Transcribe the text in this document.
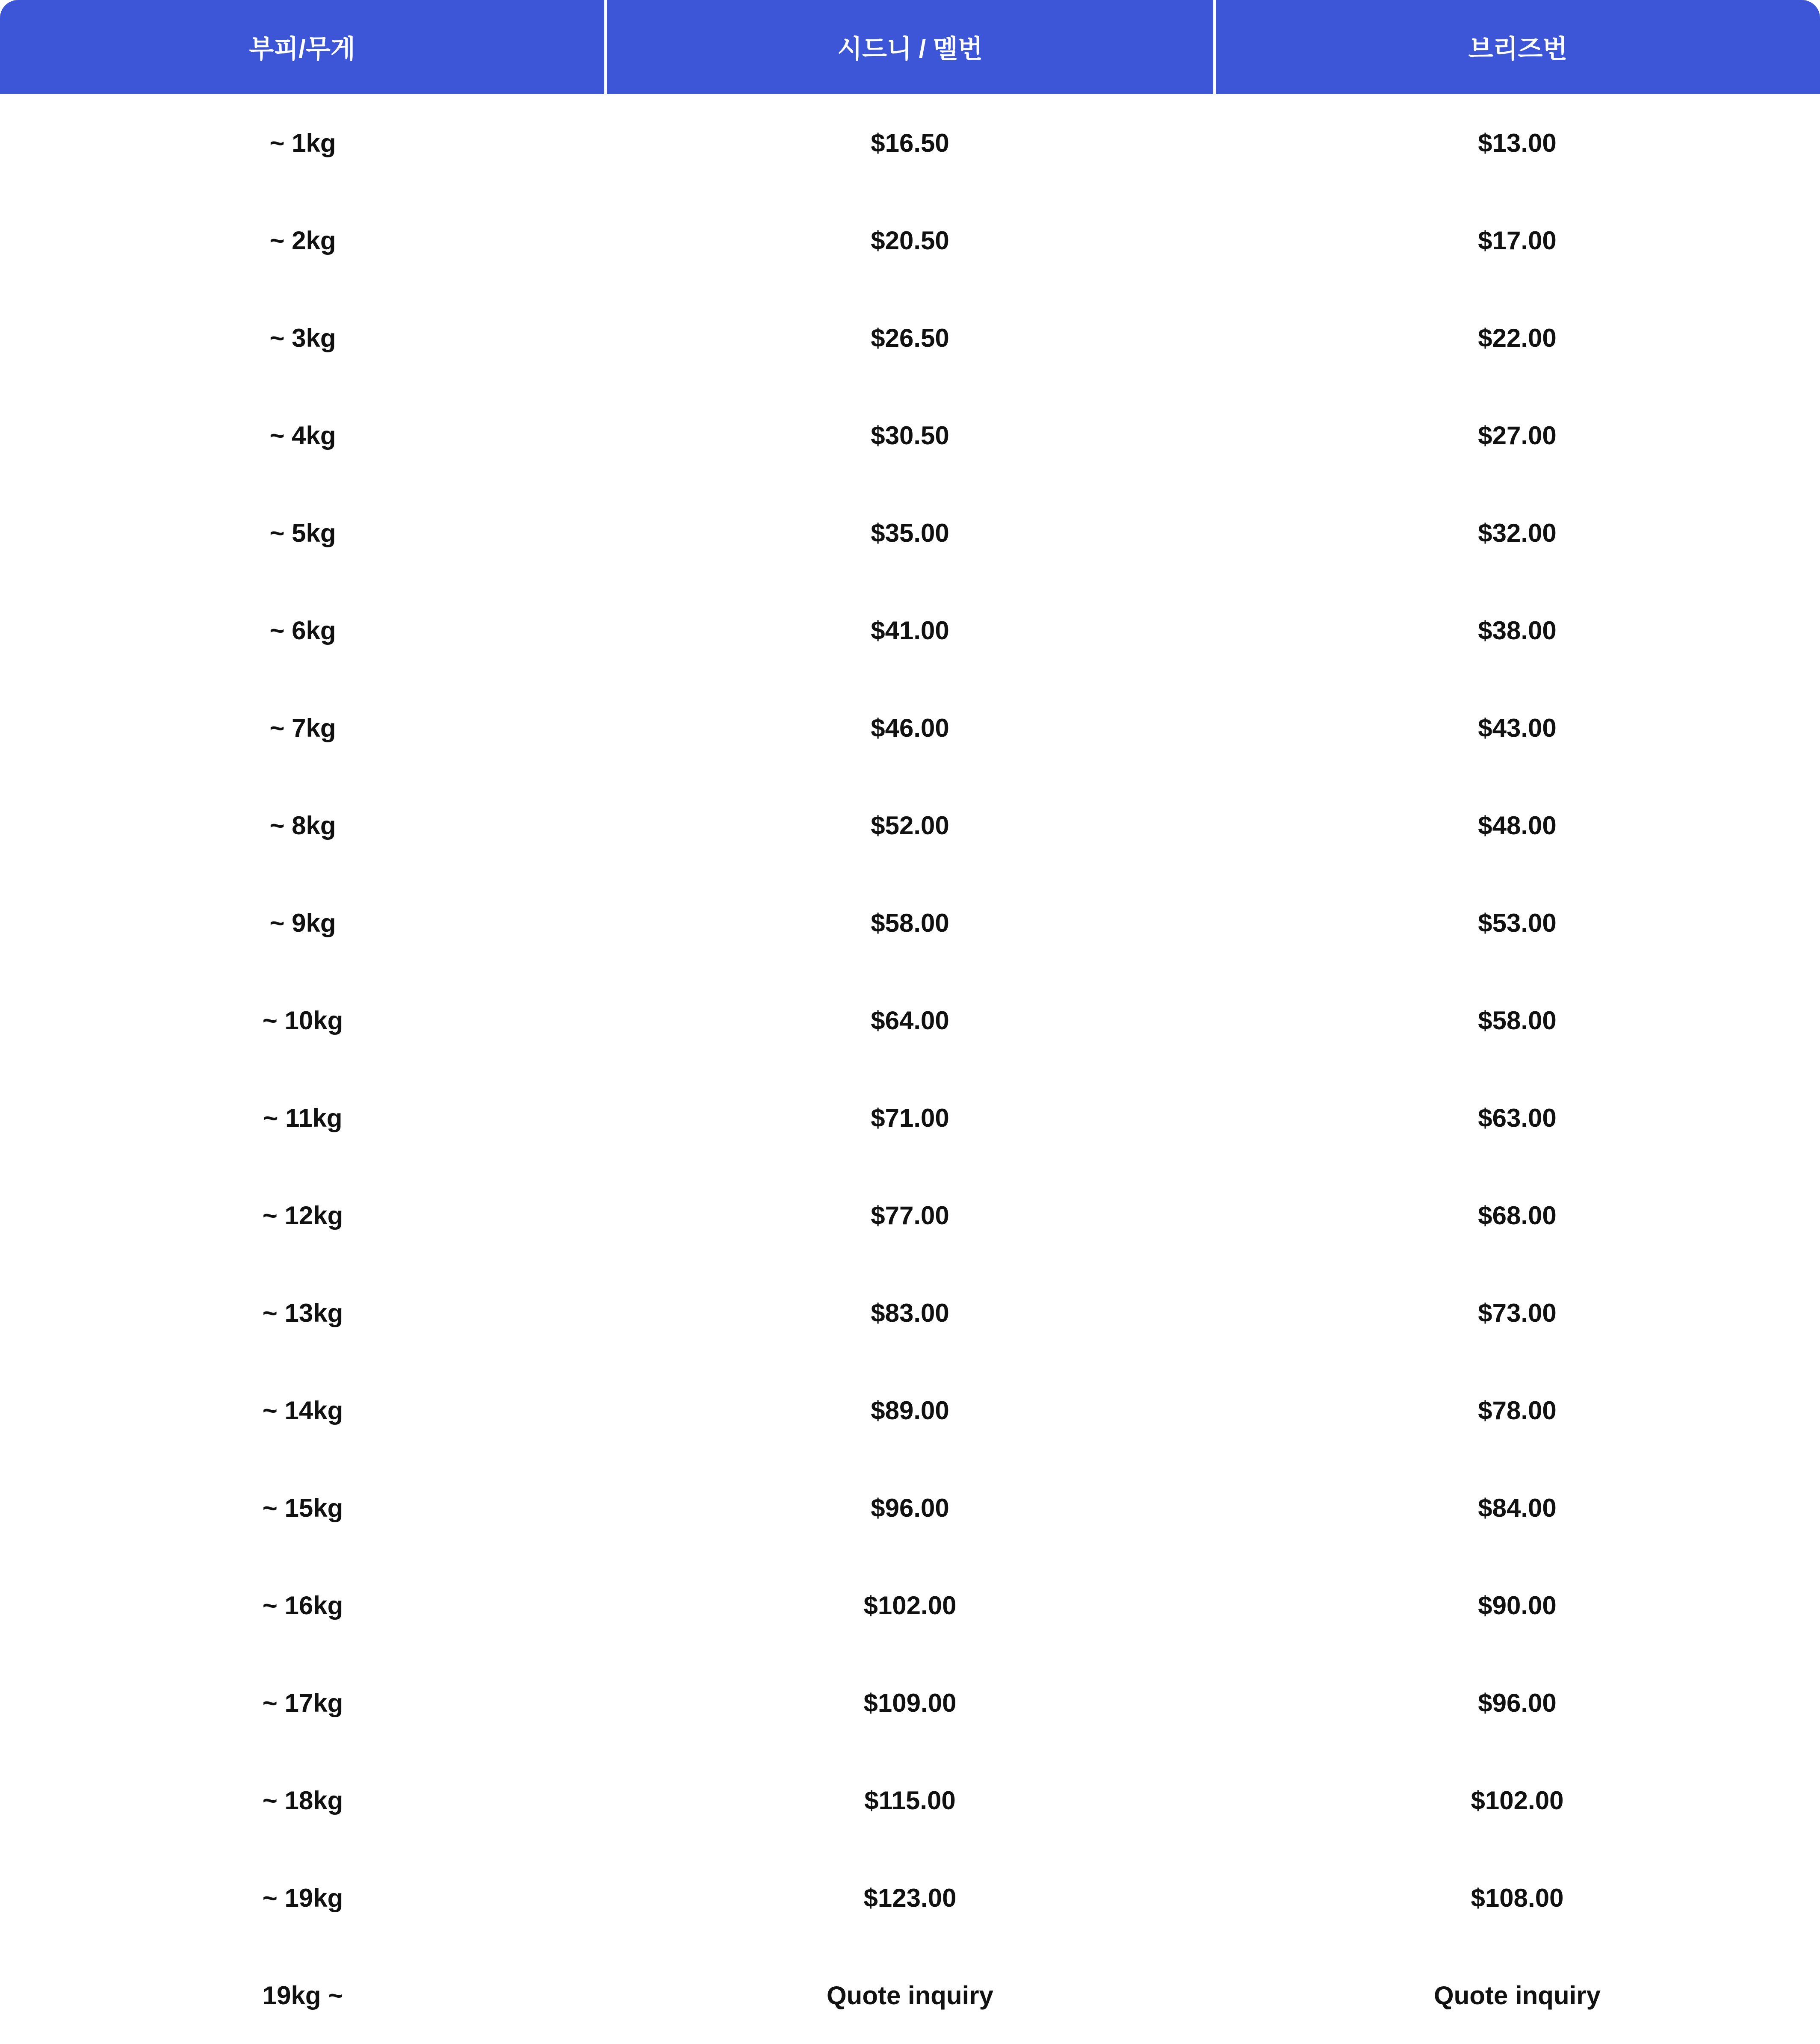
부피/무게	시드니 / 멜번	브리즈번
~ 1kg	$16.50	$13.00
~ 2kg	$20.50	$17.00
~ 3kg	$26.50	$22.00
~ 4kg	$30.50	$27.00
~ 5kg	$35.00	$32.00
~ 6kg	$41.00	$38.00
~ 7kg	$46.00	$43.00
~ 8kg	$52.00	$48.00
~ 9kg	$58.00	$53.00
~ 10kg	$64.00	$58.00
~ 11kg	$71.00	$63.00
~ 12kg	$77.00	$68.00
~ 13kg	$83.00	$73.00
~ 14kg	$89.00	$78.00
~ 15kg	$96.00	$84.00
~ 16kg	$102.00	$90.00
~ 17kg	$109.00	$96.00
~ 18kg	$115.00	$102.00
~ 19kg	$123.00	$108.00
19kg ~	Quote inquiry	Quote inquiry
